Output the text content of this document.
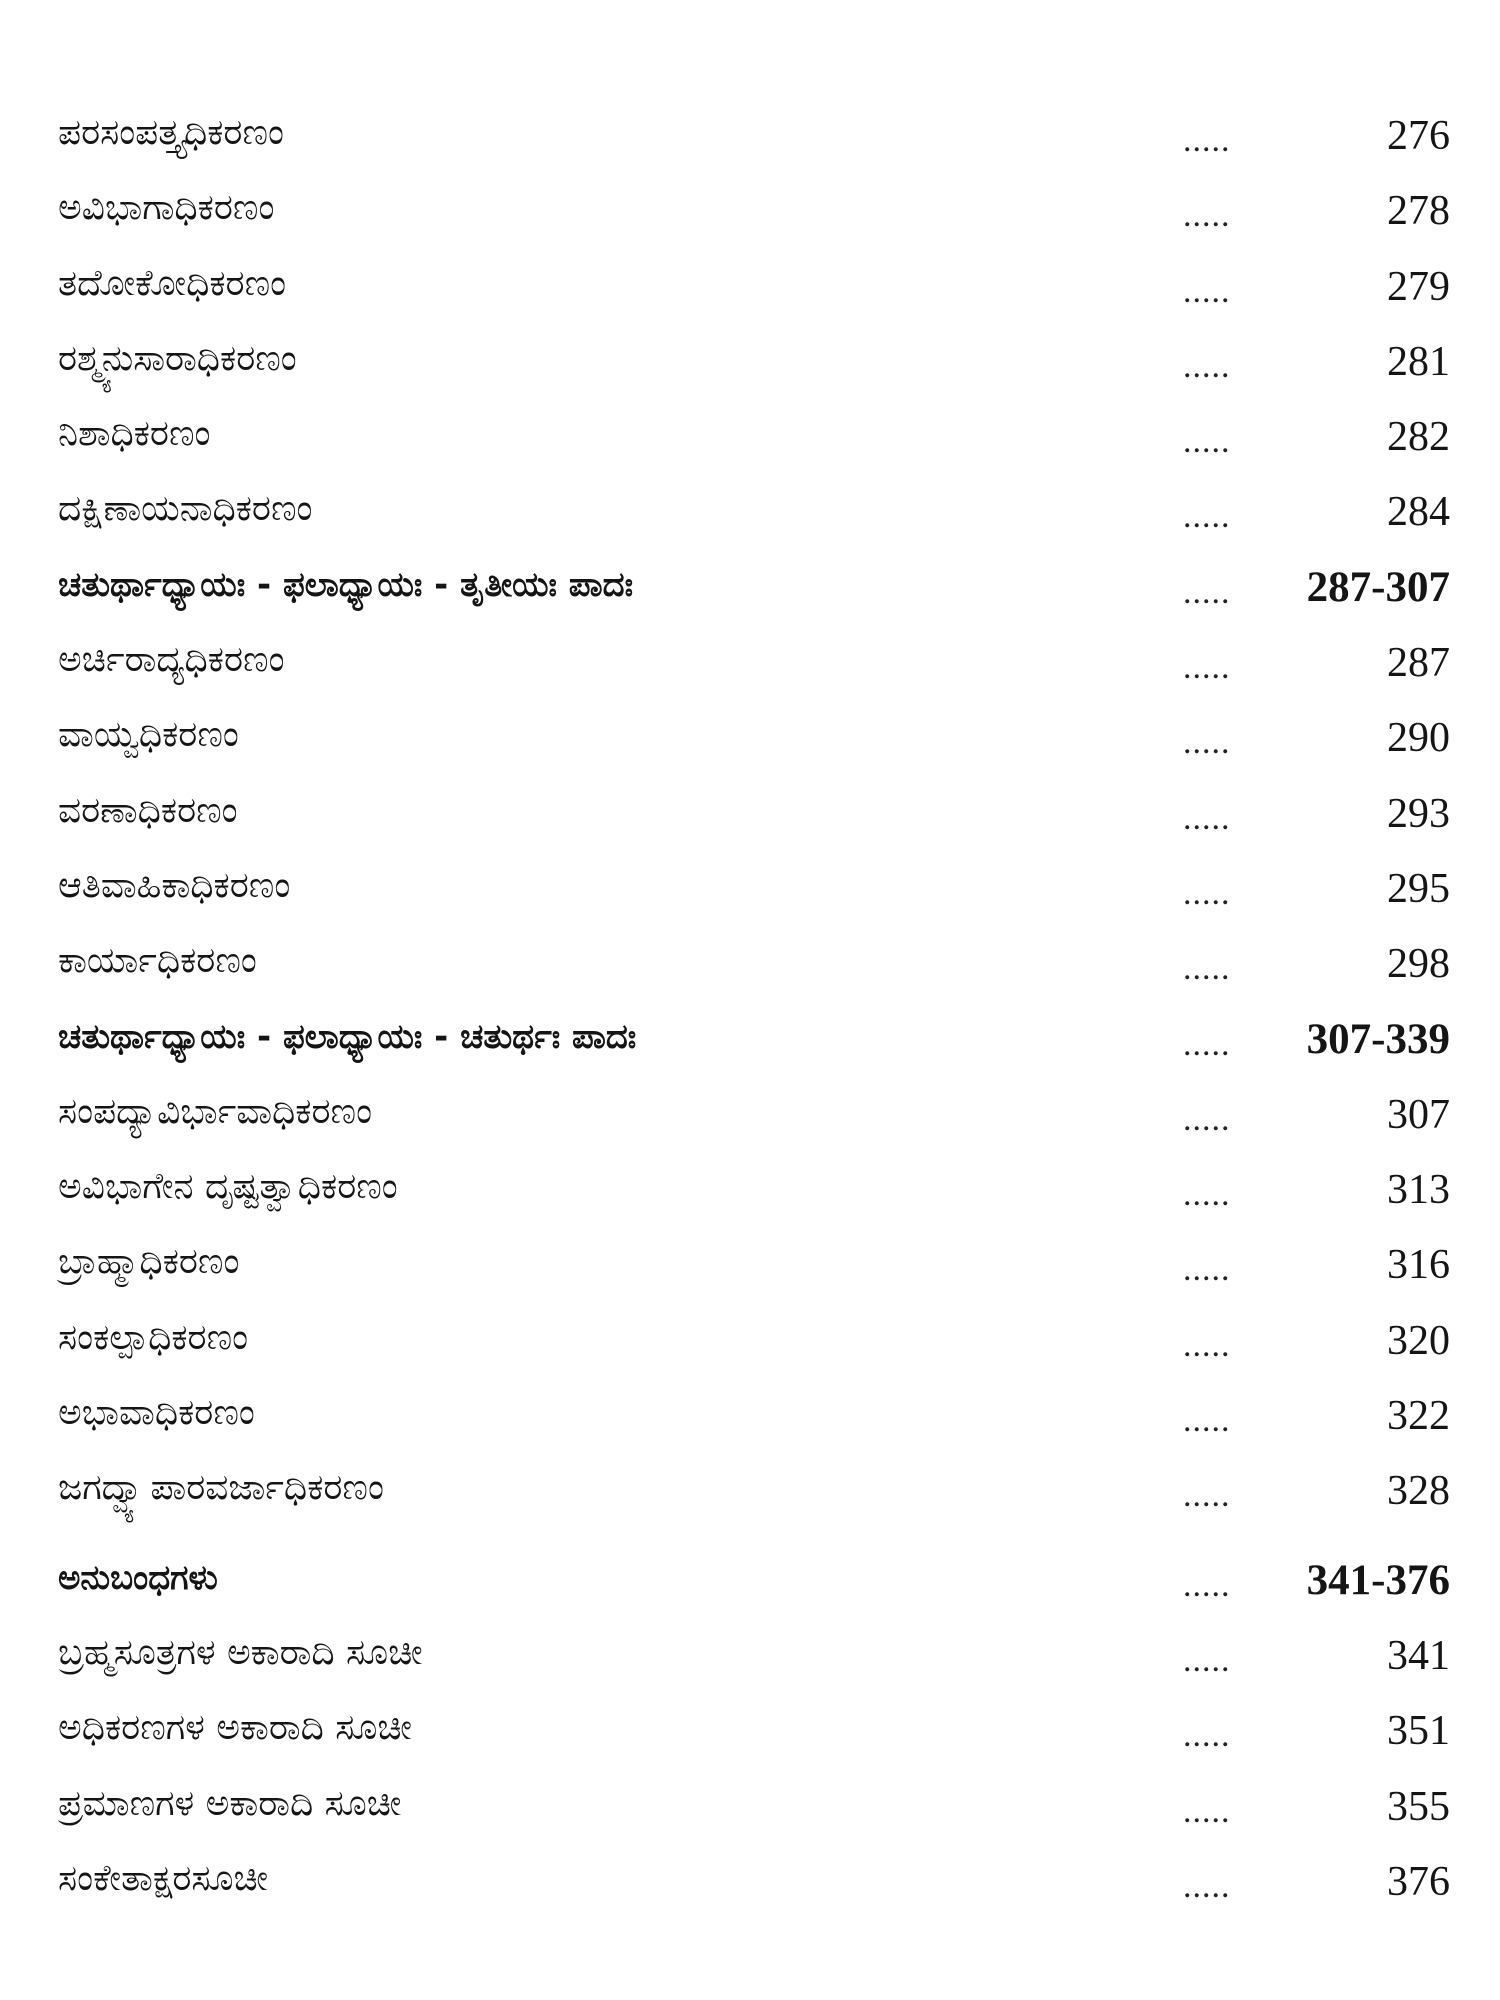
ಪರಸಂಪತ್ತ್ಯಧಿಕರಣಂ	.....	276
ಅವಿಭಾಗಾಧಿಕರಣಂ	.....	278
ತದೋಕೋಧಿಕರಣಂ	.....	279
ರಶ್ಮ್ಯನುಸಾರಾಧಿಕರಣಂ	.....	281
ನಿಶಾಧಿಕರಣಂ	.....	282
ದಕ್ಷಿಣಾಯನಾಧಿಕರಣಂ	.....	284
ಚತುರ್ಥಾಧ್ಯಾಯಃ - ಫಲಾಧ್ಯಾಯಃ - ತೃತೀಯಃ ಪಾದಃ	..... 287-307
ಅರ್ಚಿರಾದ್ಯಧಿಕರಣಂ	.....	287
ವಾಯ್ವಧಿಕರಣಂ	.....	290
ವರಣಾಧಿಕರಣಂ	.....	293
ಆತಿವಾಹಿಕಾಧಿಕರಣಂ	.....	295
ಕಾರ್ಯಾಧಿಕರಣಂ	.....	298
ಚತುರ್ಥಾಧ್ಯಾಯಃ - ಫಲಾಧ್ಯಾಯಃ - ಚತುರ್ಥಃ ಪಾದಃ	..... 307-339
ಸಂಪದ್ಯಾವಿರ್ಭಾವಾಧಿಕರಣಂ	.....	307
ಅವಿಭಾಗೇನ ದೃಷ್ಟತ್ವಾಧಿಕರಣಂ	.....	313
ಬ್ರಾಹ್ಮಾಧಿಕರಣಂ	.....	316
ಸಂಕಲ್ಪಾಧಿಕರಣಂ	.....	320
ಅಭಾವಾಧಿಕರಣಂ	.....	322
ಜಗದ್ವ್ಯಾಪಾರವರ್ಜಾಧಿಕರಣಂ	.....	328
ಅನುಬಂಧಗಳು	..... 341-376
ಬ್ರಹ್ಮಸೂತ್ರಗಳ ಅಕಾರಾದಿ ಸೂಚೀ	.....	341
ಅಧಿಕರಣಗಳ ಅಕಾರಾದಿ ಸೂಚೀ	.....	351
ಪ್ರಮಾಣಗಳ ಅಕಾರಾದಿ ಸೂಚೀ	.....	355
ಸಂಕೇತಾಕ್ಷರಸೂಚೀ	.....	376
